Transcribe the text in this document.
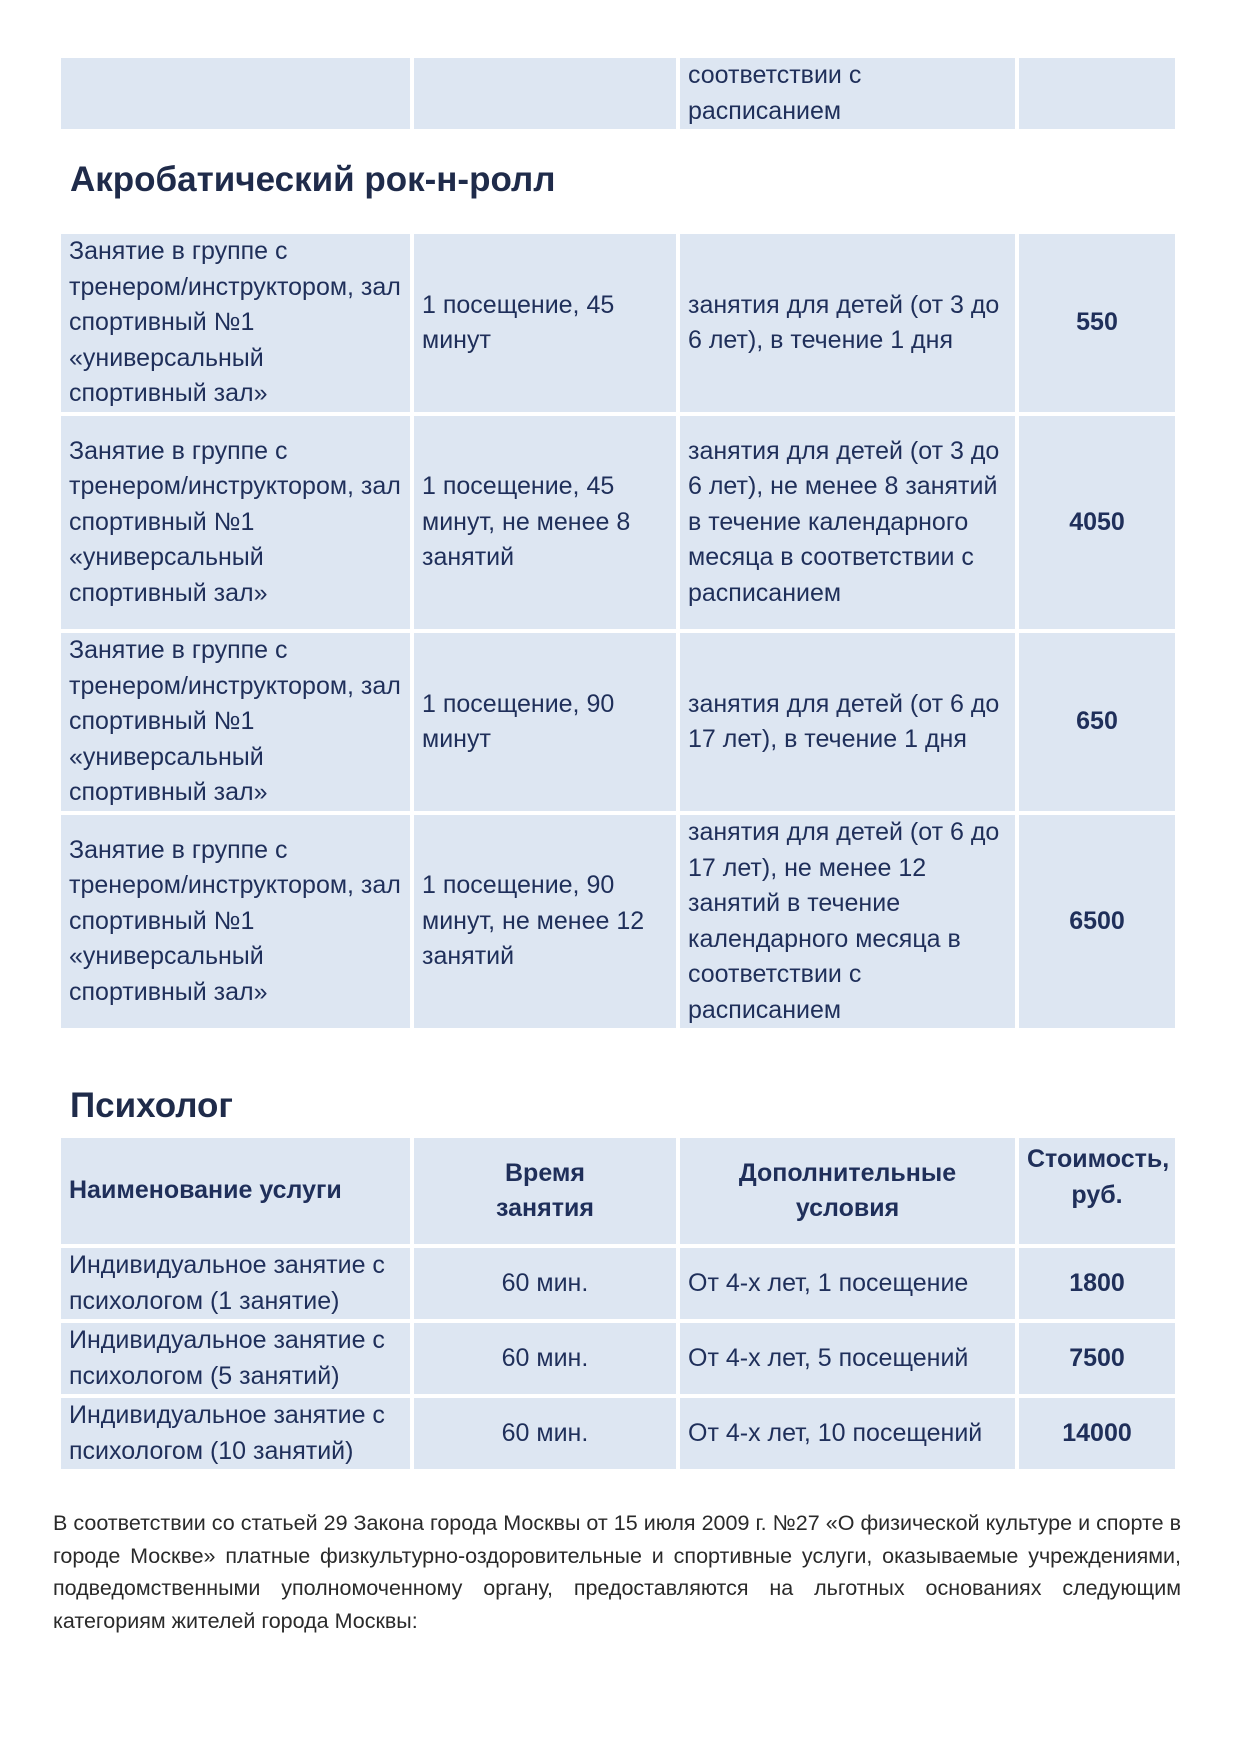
		соответствии с расписанием	
Акробатический рок-н-ролл
Занятие в группе с тренером/инструктором, зал спортивный №1 «универсальный спортивный зал»	1 посещение, 45 минут	занятия для детей (от 3 до 6 лет), в течение 1 дня	550
Занятие в группе с тренером/инструктором, зал спортивный №1 «универсальный спортивный зал»	1 посещение, 45 минут, не менее 8 занятий	занятия для детей (от 3 до 6 лет), не менее 8 занятий в течение календарного месяца в соответствии с расписанием	4050
Занятие в группе с тренером/инструктором, зал спортивный №1 «универсальный спортивный зал»	1 посещение, 90 минут	занятия для детей (от 6 до 17 лет), в течение 1 дня	650
Занятие в группе с тренером/инструктором, зал спортивный №1 «универсальный спортивный зал»	1 посещение, 90 минут, не менее 12 занятий	занятия для детей (от 6 до 17 лет), не менее 12 занятий в течение календарного месяца в соответствии с расписанием	6500
Психолог
Наименование услуги	Время занятия	Дополнительные условия	Стоимость, руб.
Индивидуальное занятие с психологом (1 занятие)	60 мин.	От 4-х лет, 1 посещение	1800
Индивидуальное занятие с психологом (5 занятий)	60 мин.	От 4-х лет, 5 посещений	7500
Индивидуальное занятие с психологом (10 занятий)	60 мин.	От 4-х лет, 10 посещений	14000

В соответствии со статьей 29 Закона города Москвы от 15 июля 2009 г. №27 «О физической культуре и спорте в городе Москве» платные физкультурно-оздоровительные и спортивные услуги, оказываемые учреждениями, подведомственными уполномоченному органу, предоставляются на льготных основаниях следующим категориям жителей города Москвы:
